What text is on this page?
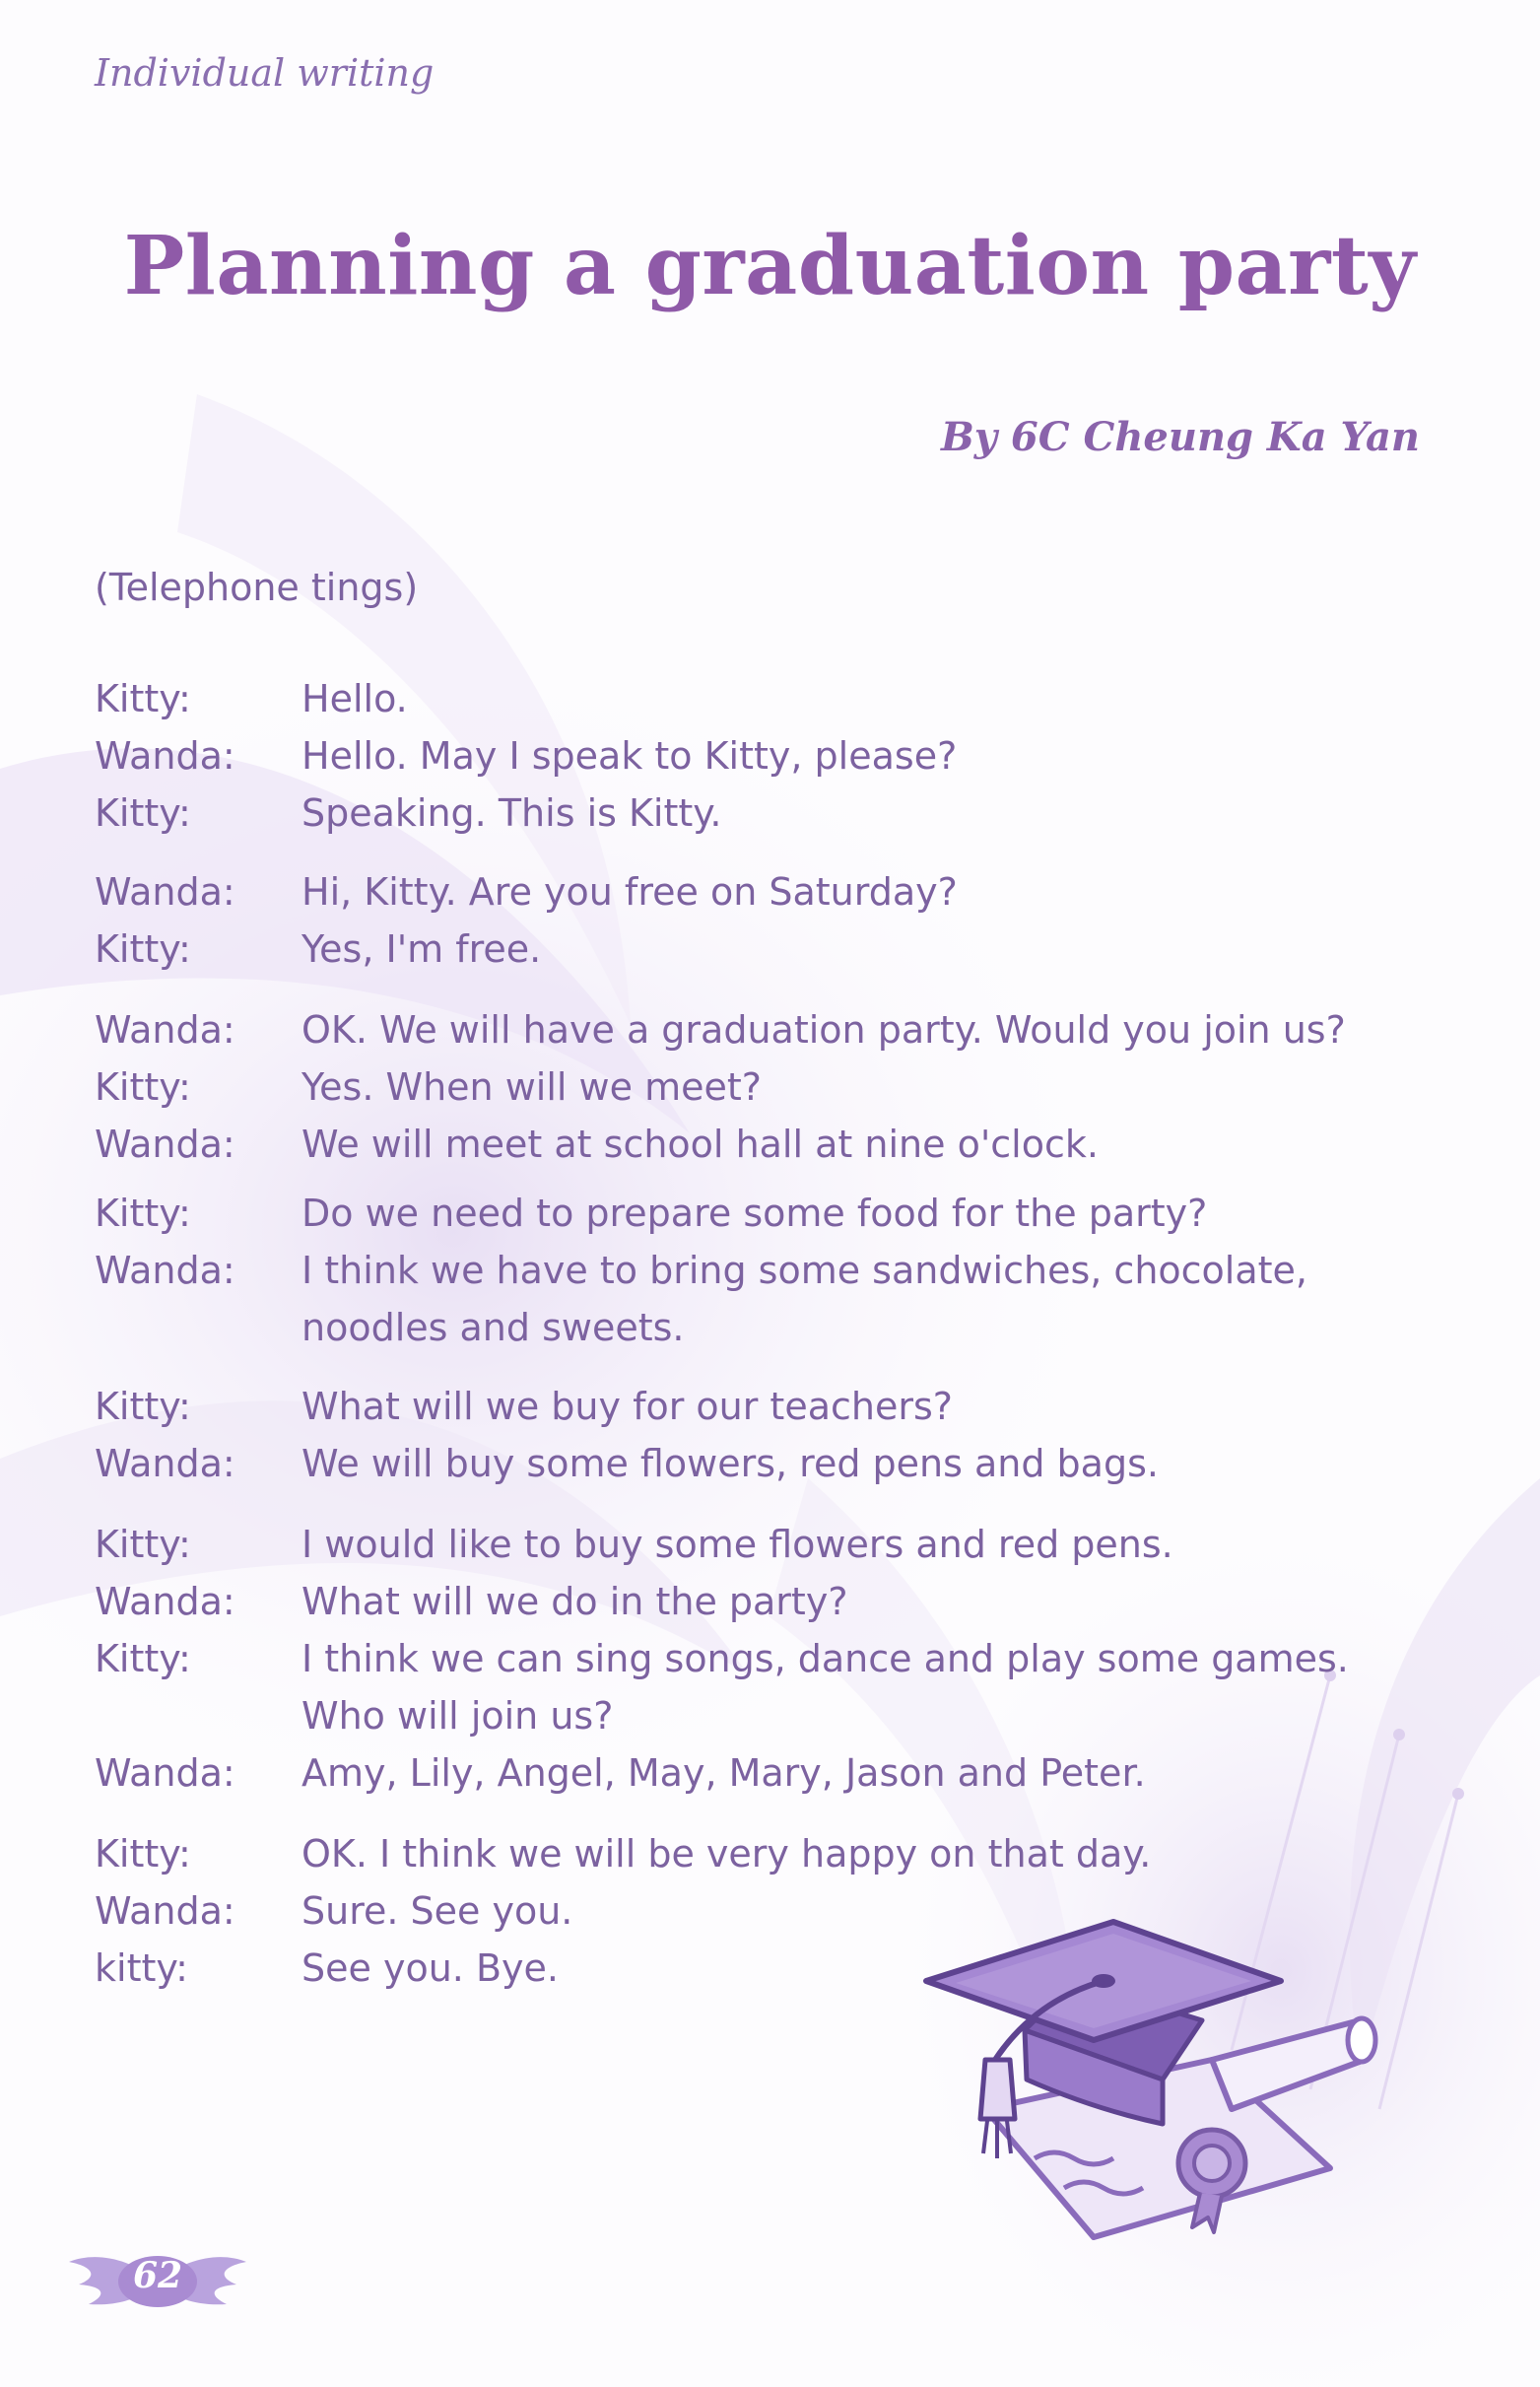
Individual writing

Planning a graduation party

By 6C Cheung Ka Yan

(Telephone tings)

Kitty:	Hello.
Wanda:	Hello. May I speak to Kitty, please?
Kitty:	Speaking. This is Kitty.
Wanda:	Hi, Kitty. Are you free on Saturday?
Kitty:	Yes, I'm free.
Wanda:	OK. We will have a graduation party. Would you join us?
Kitty:	Yes. When will we meet?
Wanda:	We will meet at school hall at nine o'clock.
Kitty:	Do we need to prepare some food for the party?
Wanda:	I think we have to bring some sandwiches, chocolate, noodles and sweets.
Kitty:	What will we buy for our teachers?
Wanda:	We will buy some flowers, red pens and bags.
Kitty:	I would like to buy some flowers and red pens.
Wanda:	What will we do in the party?
Kitty:	I think we can sing songs, dance and play some games. Who will join us?
Wanda:	Amy, Lily, Angel, May, Mary, Jason and Peter.
Kitty:	OK. I think we will be very happy on that day.
Wanda:	Sure. See you.
kitty:	See you. Bye.
62
